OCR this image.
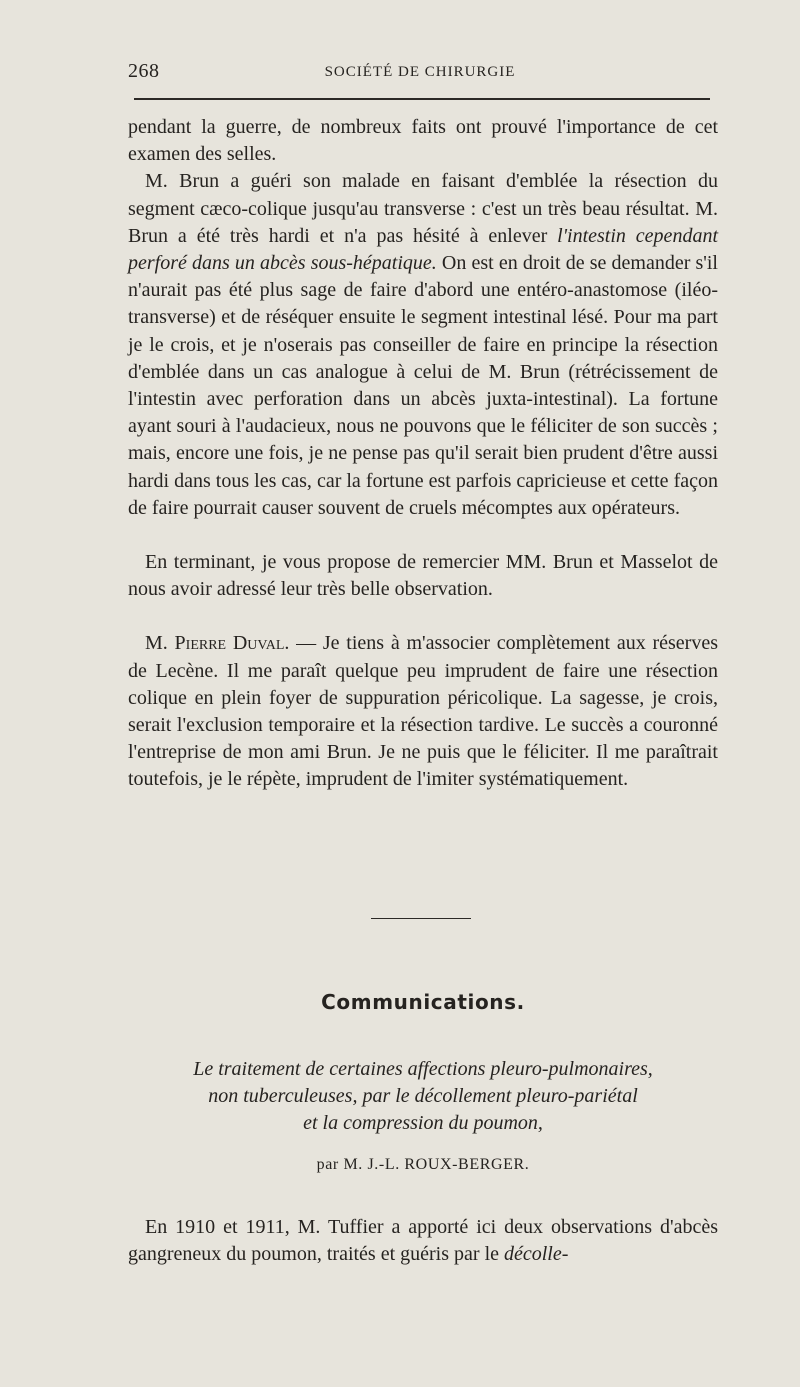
268	SOCIÉTÉ DE CHIRURGIE

pendant la guerre, de nombreux faits ont prouvé l'importance de cet examen des selles.

M. Brun a guéri son malade en faisant d'emblée la résection du segment cæco-colique jusqu'au transverse : c'est un très beau résultat. M. Brun a été très hardi et n'a pas hésité à enlever l'intestin cependant perforé dans un abcès sous-hépatique. On est en droit de se demander s'il n'aurait pas été plus sage de faire d'abord une entéro-anastomose (iléo-transverse) et de réséquer ensuite le segment intestinal lésé. Pour ma part je le crois, et je n'oserais pas conseiller de faire en principe la résection d'emblée dans un cas analogue à celui de M. Brun (rétrécissement de l'intestin avec perforation dans un abcès juxta-intestinal). La fortune ayant souri à l'audacieux, nous ne pouvons que le féliciter de son succès ; mais, encore une fois, je ne pense pas qu'il serait bien prudent d'être aussi hardi dans tous les cas, car la fortune est parfois capricieuse et cette façon de faire pourrait causer souvent de cruels mécomptes aux opérateurs.

En terminant, je vous propose de remercier MM. Brun et Masselot de nous avoir adressé leur très belle observation.

M. Pierre Duval. — Je tiens à m'associer complètement aux réserves de Lecène. Il me paraît quelque peu imprudent de faire une résection colique en plein foyer de suppuration péricolique. La sagesse, je crois, serait l'exclusion temporaire et la résection tardive. Le succès a couronné l'entreprise de mon ami Brun. Je ne puis que le féliciter. Il me paraîtrait toutefois, je le répète, imprudent de l'imiter systématiquement.

Communications.
Le traitement de certaines affections pleuro-pulmonaires,
non tuberculeuses, par le décollement pleuro-pariétal
et la compression du poumon,
par M. J.-L. ROUX-BERGER.

En 1910 et 1911, M. Tuffier a apporté ici deux observations d'abcès gangreneux du poumon, traités et guéris par le décolle-
